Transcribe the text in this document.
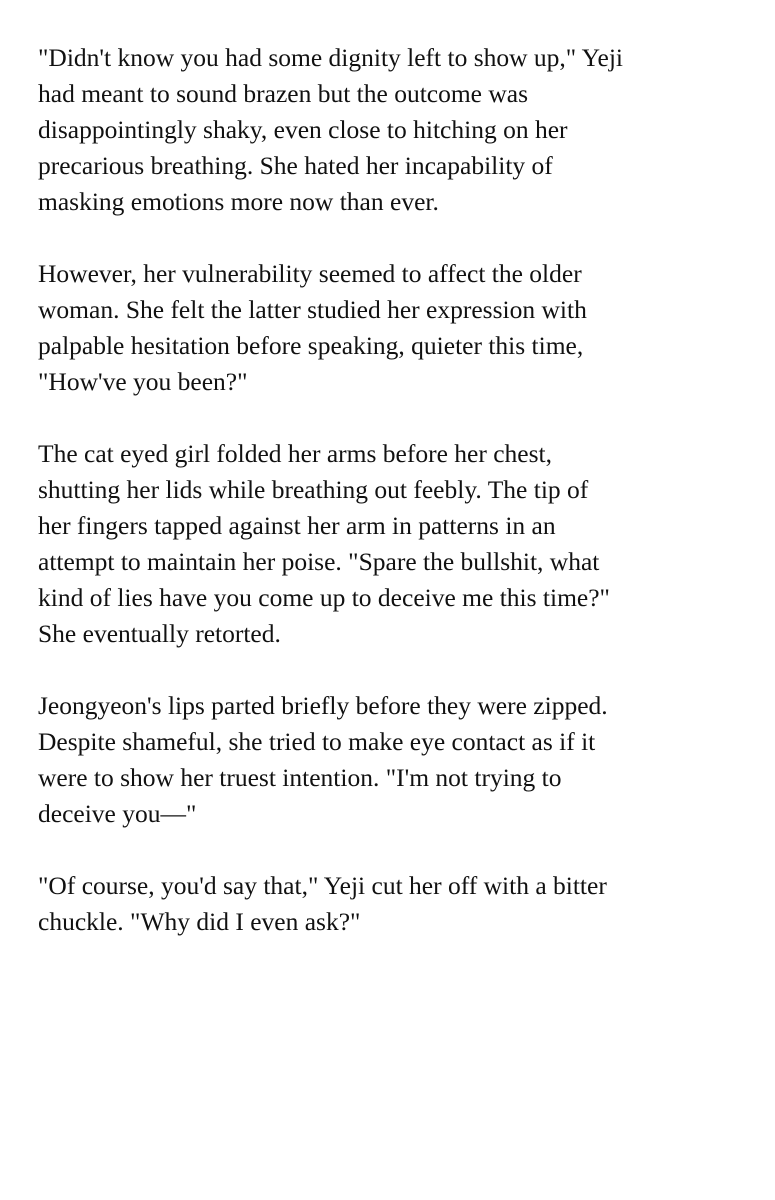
"Didn't know you had some dignity left to show up," Yeji
had meant to sound brazen but the outcome was
disappointingly shaky, even close to hitching on her
precarious breathing. She hated her incapability of
masking emotions more now than ever.

However, her vulnerability seemed to affect the older
woman. She felt the latter studied her expression with
palpable hesitation before speaking, quieter this time,
"How've you been?"

The cat eyed girl folded her arms before her chest,
shutting her lids while breathing out feebly. The tip of
her fingers tapped against her arm in patterns in an
attempt to maintain her poise. "Spare the bullshit, what
kind of lies have you come up to deceive me this time?"
She eventually retorted.

Jeongyeon's lips parted briefly before they were zipped.
Despite shameful, she tried to make eye contact as if it
were to show her truest intention. "I'm not trying to
deceive you—"

"Of course, you'd say that," Yeji cut her off with a bitter
chuckle. "Why did I even ask?"
